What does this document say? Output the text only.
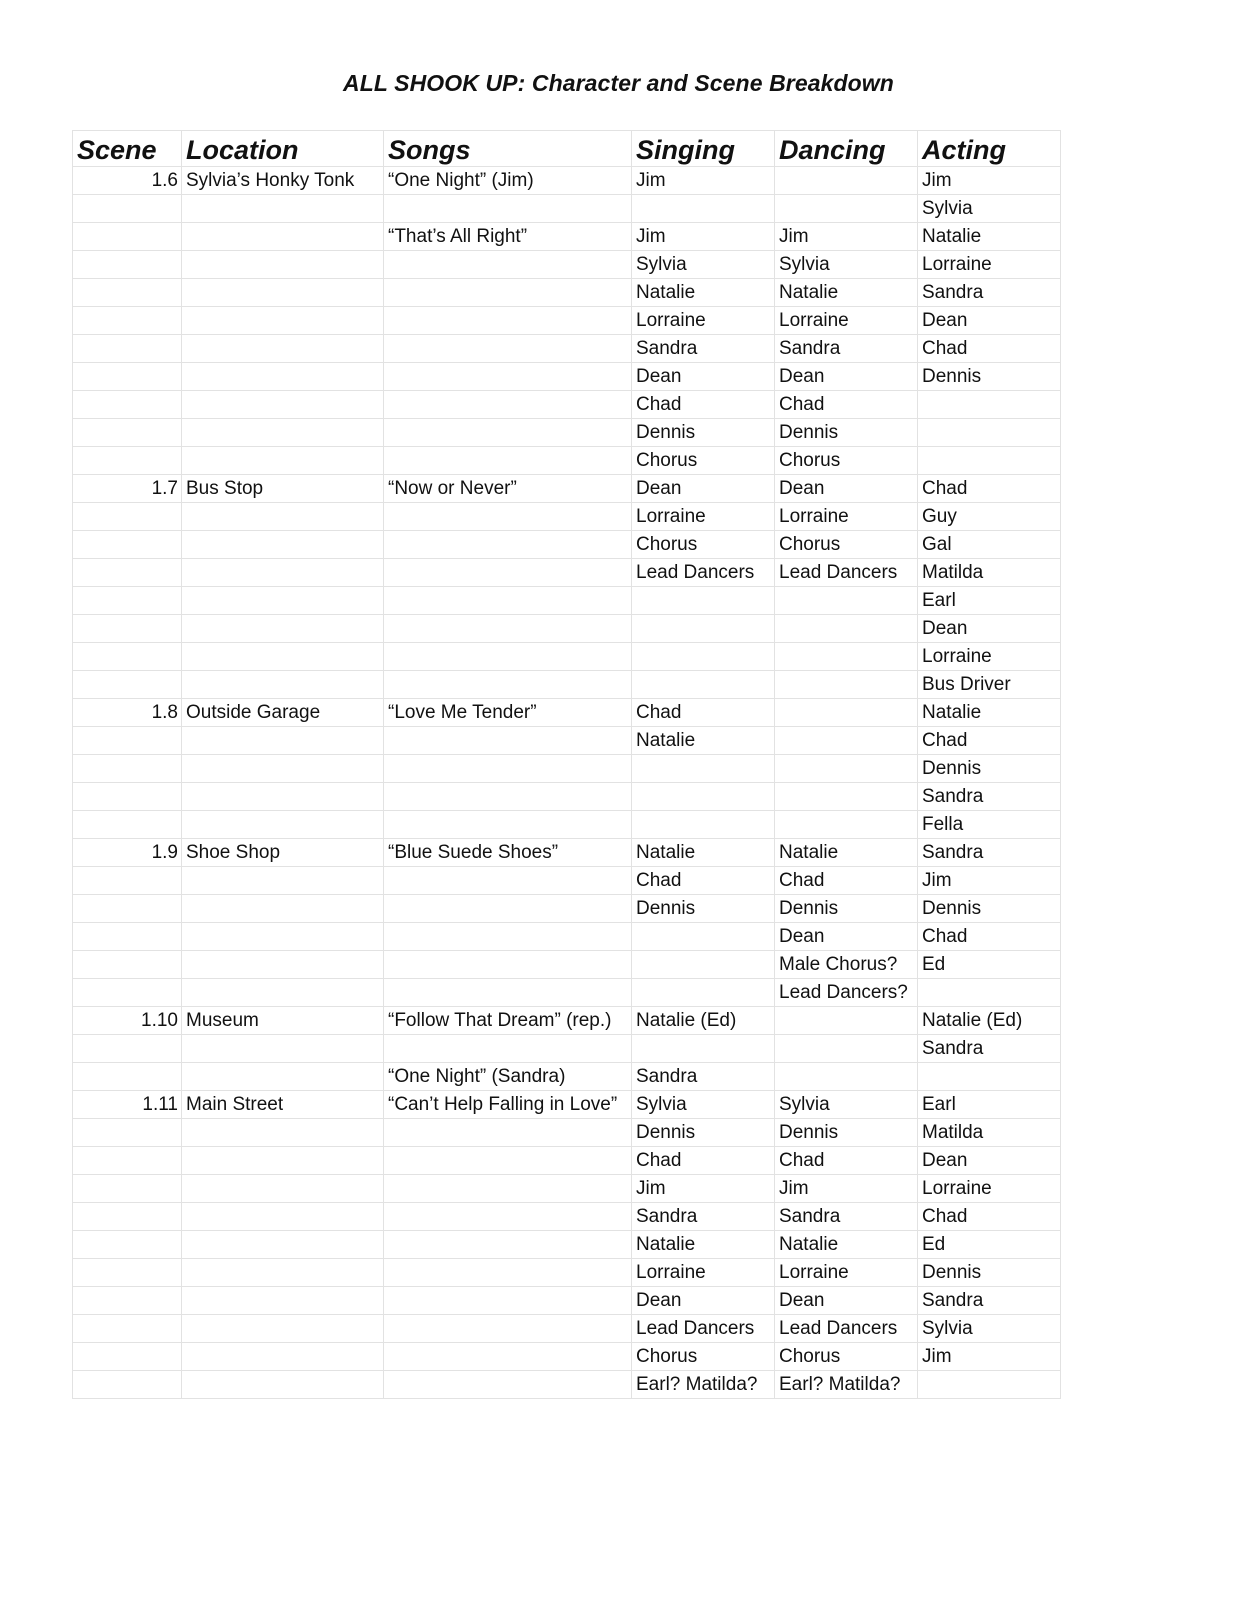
ALL SHOOK UP: Character and Scene Breakdown
Scene	Location	Songs	Singing	Dancing	Acting
1.6	Sylvia’s Honky Tonk	“One Night” (Jim)	Jim		Jim
					Sylvia
		“That’s All Right”	Jim	Jim	Natalie
			Sylvia	Sylvia	Lorraine
			Natalie	Natalie	Sandra
			Lorraine	Lorraine	Dean
			Sandra	Sandra	Chad
			Dean	Dean	Dennis
			Chad	Chad	
			Dennis	Dennis	
			Chorus	Chorus	
1.7	Bus Stop	“Now or Never”	Dean	Dean	Chad
			Lorraine	Lorraine	Guy
			Chorus	Chorus	Gal
			Lead Dancers	Lead Dancers	Matilda
					Earl
					Dean
					Lorraine
					Bus Driver
1.8	Outside Garage	“Love Me Tender”	Chad		Natalie
			Natalie		Chad
					Dennis
					Sandra
					Fella
1.9	Shoe Shop	“Blue Suede Shoes”	Natalie	Natalie	Sandra
			Chad	Chad	Jim
			Dennis	Dennis	Dennis
				Dean	Chad
				Male Chorus?	Ed
				Lead Dancers?	
1.10	Museum	“Follow That Dream” (rep.)	Natalie (Ed)		Natalie (Ed)
					Sandra
		“One Night” (Sandra)	Sandra		
1.11	Main Street	“Can’t Help Falling in Love”	Sylvia	Sylvia	Earl
			Dennis	Dennis	Matilda
			Chad	Chad	Dean
			Jim	Jim	Lorraine
			Sandra	Sandra	Chad
			Natalie	Natalie	Ed
			Lorraine	Lorraine	Dennis
			Dean	Dean	Sandra
			Lead Dancers	Lead Dancers	Sylvia
			Chorus	Chorus	Jim
			Earl? Matilda?	Earl? Matilda?	
